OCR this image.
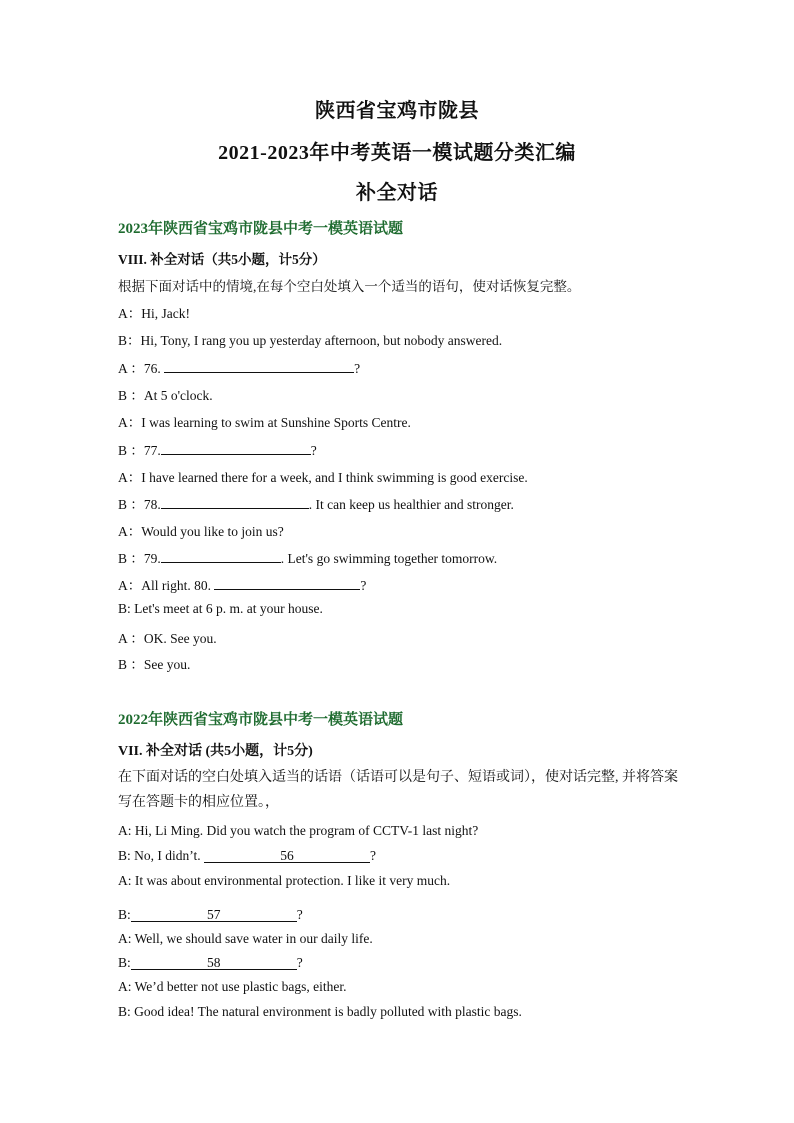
陕西省宝鸡市陇县
2021-2023年中考英语一模试题分类汇编
补全对话
2023年陕西省宝鸡市陇县中考一模英语试题
VIII. 补全对话（共5小题，计5分）
根据下面对话中的情境,在每个空白处填入一个适当的语句，使对话恢复完整。
A：Hi, Jack!
B：Hi, Tony, I rang you up yesterday afternoon, but nobody answered.
A ：76.	?
B ：At 5 o'clock.
A：I was learning to swim at Sunshine Sports Centre.
B ：77.	?
A：I have learned there for a week, and I think swimming is good exercise.
B ：78.	. It can keep us healthier and stronger.
A：Would you like to join us?
B ：79.	. Let's go swimming together tomorrow.
A：All right. 80.	?
B: Let's meet at 6 p. m. at your house.
A ：OK. See you.
B ：See you.
2022年陕西省宝鸡市陇县中考一模英语试题
VII. 补全对话 (共5小题，计5分)
在下面对话的空白处填入适当的话语（话语可以是句子、短语或词），使对话完整, 并将答案写在答题卡的相应位置。，
A: Hi, Li Ming. Did you watch the program of CCTV-1 last night?
B: No, I didn’t.	56	?
A: It was about environmental protection. I like it very much.
B:	57	?
A: Well, we should save water in our daily life.
B:	58	?
A: We’d better not use plastic bags, either.
B: Good idea! The natural environment is badly polluted with plastic bags.
